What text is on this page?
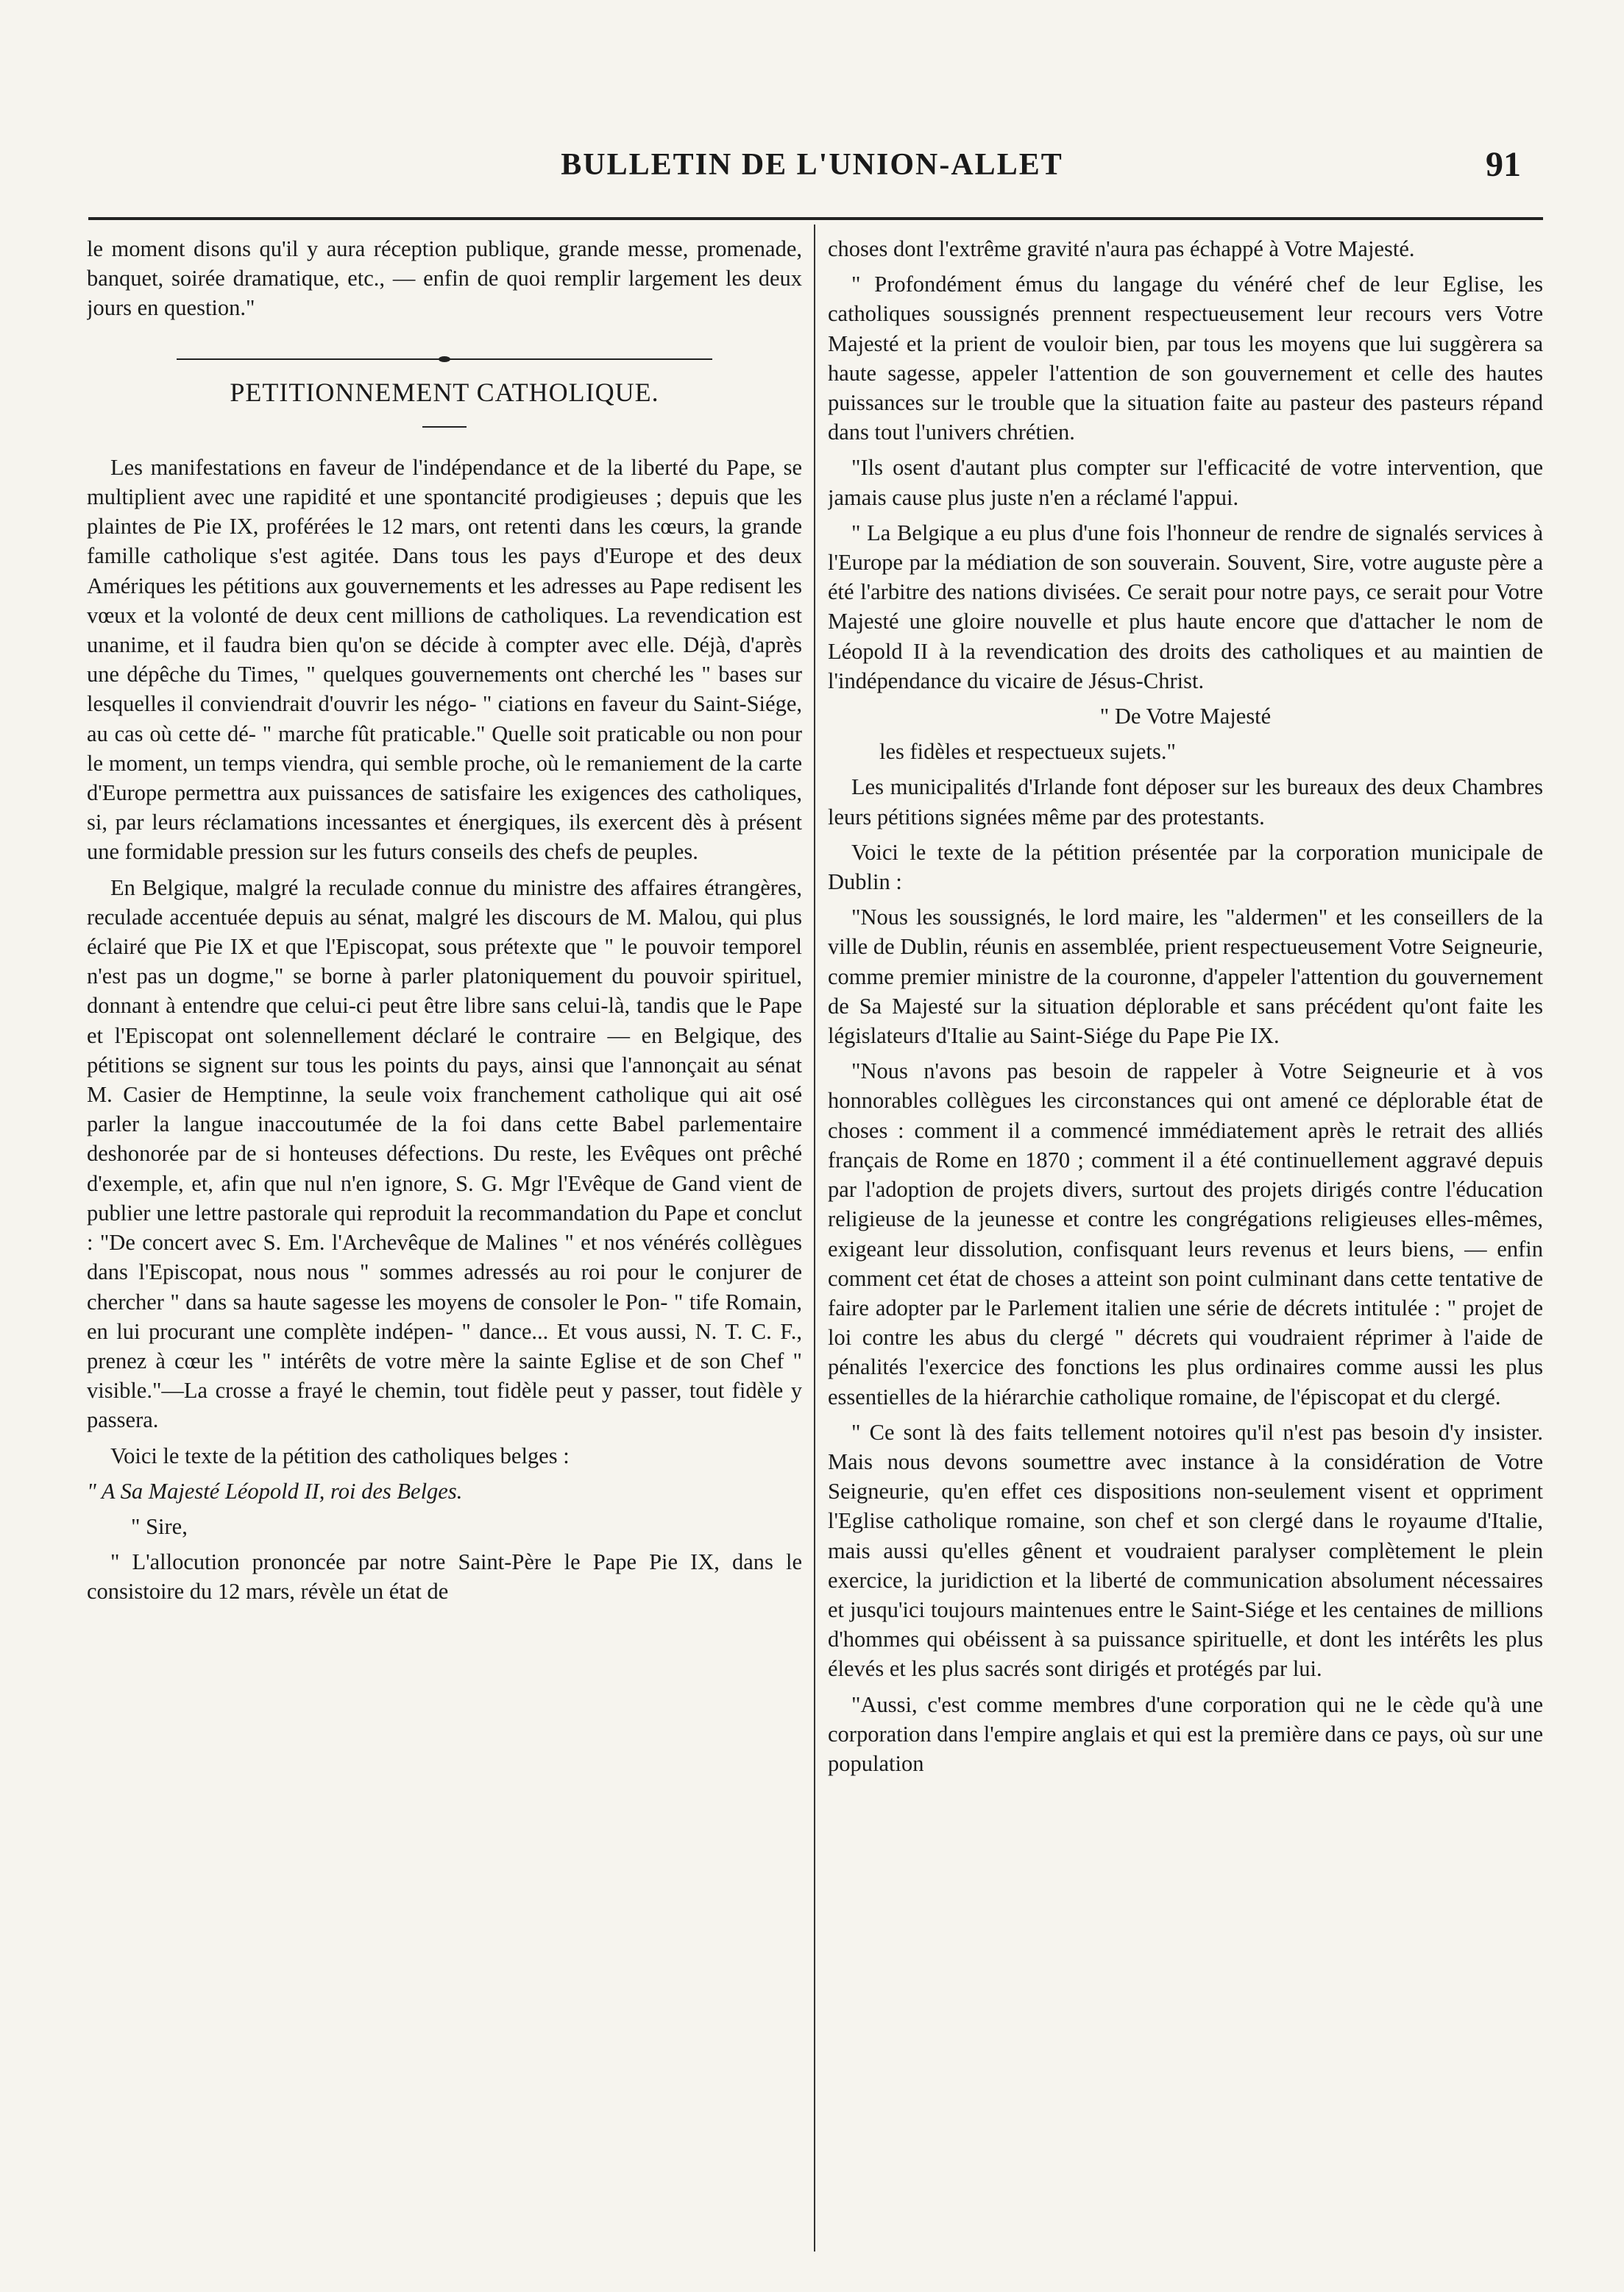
BULLETIN DE L'UNION-ALLET	91

le moment disons qu'il y aura réception publique, grande messe, promenade, banquet, soirée dramatique, etc., — enfin de quoi remplir largement les deux jours en question."

PETITIONNEMENT CATHOLIQUE.

Les manifestations en faveur de l'indépendance et de la liberté du Pape, se multiplient avec une rapidité et une spontancité prodigieuses ; depuis que les plaintes de Pie IX, proférées le 12 mars, ont retenti dans les cœurs, la grande famille catholique s'est agitée. Dans tous les pays d'Europe et des deux Amériques les pétitions aux gouvernements et les adresses au Pape redisent les vœux et la volonté de deux cent millions de catholiques. La revendication est unanime, et il faudra bien qu'on se décide à compter avec elle. Déjà, d'après une dépêche du Times, " quelques gouvernements ont cherché les " bases sur lesquelles il conviendrait d'ouvrir les négo- " ciations en faveur du Saint-Siége, au cas où cette dé- " marche fût praticable." Quelle soit praticable ou non pour le moment, un temps viendra, qui semble proche, où le remaniement de la carte d'Europe permettra aux puissances de satisfaire les exigences des catholiques, si, par leurs réclamations incessantes et énergiques, ils exercent dès à présent une formidable pression sur les futurs conseils des chefs de peuples.

En Belgique, malgré la reculade connue du ministre des affaires étrangères, reculade accentuée depuis au sénat, malgré les discours de M. Malou, qui plus éclairé que Pie IX et que l'Episcopat, sous prétexte que " le pouvoir temporel n'est pas un dogme," se borne à parler platoniquement du pouvoir spirituel, donnant à entendre que celui-ci peut être libre sans celui-là, tandis que le Pape et l'Episcopat ont solennellement déclaré le contraire — en Belgique, des pétitions se signent sur tous les points du pays, ainsi que l'annonçait au sénat M. Casier de Hemptinne, la seule voix franchement catholique qui ait osé parler la langue inaccoutumée de la foi dans cette Babel parlementaire deshonorée par de si honteuses défections. Du reste, les Evêques ont prêché d'exemple, et, afin que nul n'en ignore, S. G. Mgr l'Evêque de Gand vient de publier une lettre pastorale qui reproduit la recommandation du Pape et conclut : "De concert avec S. Em. l'Archevêque de Malines " et nos vénérés collègues dans l'Episcopat, nous nous " sommes adressés au roi pour le conjurer de chercher " dans sa haute sagesse les moyens de consoler le Pon- " tife Romain, en lui procurant une complète indépen- " dance... Et vous aussi, N. T. C. F., prenez à cœur les " intérêts de votre mère la sainte Eglise et de son Chef " visible."—La crosse a frayé le chemin, tout fidèle peut y passer, tout fidèle y passera.

Voici le texte de la pétition des catholiques belges :

" A Sa Majesté Léopold II, roi des Belges.

" Sire,

" L'allocution prononcée par notre Saint-Père le Pape Pie IX, dans le consistoire du 12 mars, révèle un état de

choses dont l'extrême gravité n'aura pas échappé à Votre Majesté.

" Profondément émus du langage du vénéré chef de leur Eglise, les catholiques soussignés prennent respectueusement leur recours vers Votre Majesté et la prient de vouloir bien, par tous les moyens que lui suggèrera sa haute sagesse, appeler l'attention de son gouvernement et celle des hautes puissances sur le trouble que la situation faite au pasteur des pasteurs répand dans tout l'univers chrétien.

"Ils osent d'autant plus compter sur l'efficacité de votre intervention, que jamais cause plus juste n'en a réclamé l'appui.

" La Belgique a eu plus d'une fois l'honneur de rendre de signalés services à l'Europe par la médiation de son souverain. Souvent, Sire, votre auguste père a été l'arbitre des nations divisées. Ce serait pour notre pays, ce serait pour Votre Majesté une gloire nouvelle et plus haute encore que d'attacher le nom de Léopold II à la revendication des droits des catholiques et au maintien de l'indépendance du vicaire de Jésus-Christ.

" De Votre Majesté

les fidèles et respectueux sujets."

Les municipalités d'Irlande font déposer sur les bureaux des deux Chambres leurs pétitions signées même par des protestants.

Voici le texte de la pétition présentée par la corporation municipale de Dublin :

"Nous les soussignés, le lord maire, les "aldermen" et les conseillers de la ville de Dublin, réunis en assemblée, prient respectueusement Votre Seigneurie, comme premier ministre de la couronne, d'appeler l'attention du gouvernement de Sa Majesté sur la situation déplorable et sans précédent qu'ont faite les législateurs d'Italie au Saint-Siége du Pape Pie IX.

"Nous n'avons pas besoin de rappeler à Votre Seigneurie et à vos honnorables collègues les circonstances qui ont amené ce déplorable état de choses : comment il a commencé immédiatement après le retrait des alliés français de Rome en 1870 ; comment il a été continuellement aggravé depuis par l'adoption de projets divers, surtout des projets dirigés contre l'éducation religieuse de la jeunesse et contre les congrégations religieuses elles-mêmes, exigeant leur dissolution, confisquant leurs revenus et leurs biens, — enfin comment cet état de choses a atteint son point culminant dans cette tentative de faire adopter par le Parlement italien une série de décrets intitulée : " projet de loi contre les abus du clergé " décrets qui voudraient réprimer à l'aide de pénalités l'exercice des fonctions les plus ordinaires comme aussi les plus essentielles de la hiérarchie catholique romaine, de l'épiscopat et du clergé.

" Ce sont là des faits tellement notoires qu'il n'est pas besoin d'y insister. Mais nous devons soumettre avec instance à la considération de Votre Seigneurie, qu'en effet ces dispositions non-seulement visent et oppriment l'Eglise catholique romaine, son chef et son clergé dans le royaume d'Italie, mais aussi qu'elles gênent et voudraient paralyser complètement le plein exercice, la juridiction et la liberté de communication absolument nécessaires et jusqu'ici toujours maintenues entre le Saint-Siége et les centaines de millions d'hommes qui obéissent à sa puissance spirituelle, et dont les intérêts les plus élevés et les plus sacrés sont dirigés et protégés par lui.

"Aussi, c'est comme membres d'une corporation qui ne le cède qu'à une corporation dans l'empire anglais et qui est la première dans ce pays, où sur une population
